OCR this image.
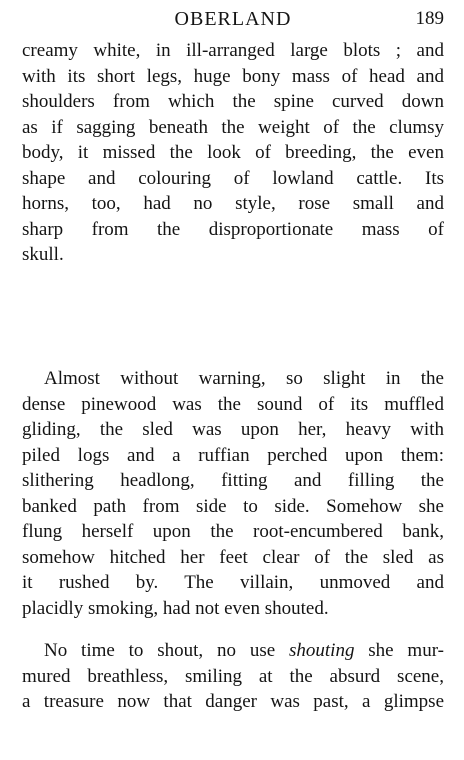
OBERLAND	189
creamy white, in ill-arranged large blots ; and
with its short legs, huge bony mass of head and
shoulders from which the spine curved down
as if sagging beneath the weight of the clumsy
body, it missed the look of breeding, the even
shape and colouring of lowland cattle. Its
horns, too, had no style, rose small and
sharp from the disproportionate mass of
skull.
Almost without warning, so slight in the
dense pinewood was the sound of its muffled
gliding, the sled was upon her, heavy with
piled logs and a ruffian perched upon them:
slithering headlong, fitting and filling the
banked path from side to side. Somehow she
flung herself upon the root-encumbered bank,
somehow hitched her feet clear of the sled as
it rushed by. The villain, unmoved and
placidly smoking, had not even shouted.
No time to shout, no use shouting she mur-
mured breathless, smiling at the absurd scene,
a treasure now that danger was past, a glimpse
